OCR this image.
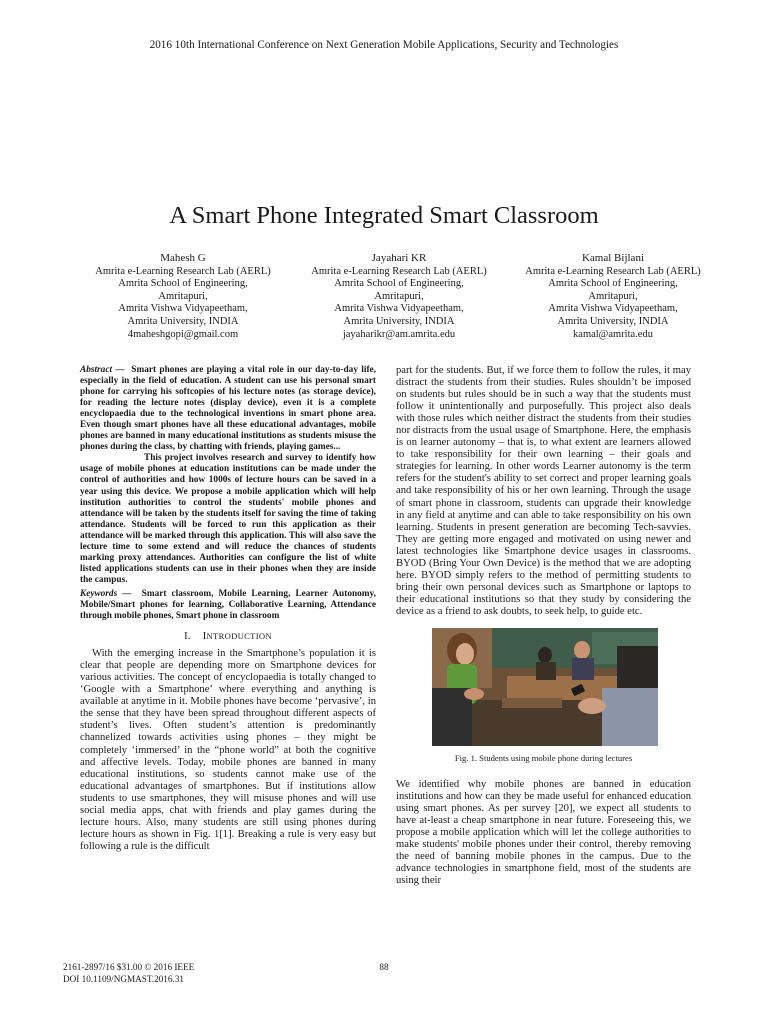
2016 10th International Conference on Next Generation Mobile Applications, Security and Technologies
A Smart Phone Integrated Smart Classroom
Mahesh G
Amrita e-Learning Research Lab (AERL)
Amrita School of Engineering,
Amritapuri,
Amrita Vishwa Vidyapeetham,
Amrita University, INDIA
4maheshgopi@gmail.com
Jayahari KR
Amrita e-Learning Research Lab (AERL)
Amrita School of Engineering,
Amritapuri,
Amrita Vishwa Vidyapeetham,
Amrita University, INDIA
jayaharikr@am.amrita.edu
Kamal Bijlani
Amrita e-Learning Research Lab (AERL)
Amrita School of Engineering,
Amritapuri,
Amrita Vishwa Vidyapeetham,
Amrita University, INDIA
kamal@amrita.edu

Abstract — Smart phones are playing a vital role in our day-to-day life, especially in the field of education. A student can use his personal smart phone for carrying his softcopies of his lecture notes (as storage device), for reading the lecture notes (display device), even it is a complete encyclopaedia due to the technological inventions in smart phone area. Even though smart phones have all these educational advantages, mobile phones are banned in many educational institutions as students misuse the phones during the class, by chatting with friends, playing games...

This project involves research and survey to identify how usage of mobile phones at education institutions can be made under the control of authorities and how 1000s of lecture hours can be saved in a year using this device. We propose a mobile application which will help institution authorities to control the students' mobile phones and attendance will be taken by the students itself for saving the time of taking attendance. Students will be forced to run this application as their attendance will be marked through this application. This will also save the lecture time to some extend and will reduce the chances of students marking proxy attendances. Authorities can configure the list of white listed applications students can use in their phones when they are inside the campus.

Keywords — Smart classroom, Mobile Learning, Learner Autonomy, Mobile/Smart phones for learning, Collaborative Learning, Attendance through mobile phones, Smart phone in classroom

I. INTRODUCTION

With the emerging increase in the Smartphone’s population it is clear that people are depending more on Smartphone devices for various activities. The concept of encyclopaedia is totally changed to ‘Google with a Smartphone’ where everything and anything is available at anytime in it. Mobile phones have become ‘pervasive’, in the sense that they have been spread throughout different aspects of student’s lives. Often student’s attention is predominantly channelized towards activities using phones – they might be completely ‘immersed’ in the “phone world” at both the cognitive and affective levels. Today, mobile phones are banned in many educational institutions, so students cannot make use of the educational advantages of smartphones. But if institutions allow students to use smartphones, they will misuse phones and will use social media apps, chat with friends and play games during the lecture hours. Also, many students are still using phones during lecture hours as shown in Fig. 1[1]. Breaking a rule is very easy but following a rule is the difficult

part for the students. But, if we force them to follow the rules, it may distract the students from their studies. Rules shouldn’t be imposed on students but rules should be in such a way that the students must follow it unintentionally and purposefully. This project also deals with those rules which neither distract the students from their studies nor distracts from the usual usage of Smartphone. Here, the emphasis is on learner autonomy – that is, to what extent are learners allowed to take responsibility for their own learning – their goals and strategies for learning. In other words Learner autonomy is the term refers for the student's ability to set correct and proper learning goals and take responsibility of his or her own learning. Through the usage of smart phone in classroom, students can upgrade their knowledge in any field at anytime and can able to take responsibility on his own learning. Students in present generation are becoming Tech-savvies. They are getting more engaged and motivated on using newer and latest technologies like Smartphone device usages in classrooms. BYOD (Bring Your Own Device) is the method that we are adopting here. BYOD simply refers to the method of permitting students to bring their own personal devices such as Smartphone or laptops to their educational institutions so that they study by considering the device as a friend to ask doubts, to seek help, to guide etc.

Fig. 1. Students using mobile phone during lectures

We identified why mobile phones are banned in education institutions and how can they be made useful for enhanced education using smart phones. As per survey [20], we expect all students to have at-least a cheap smartphone in near future. Foreseeing this, we propose a mobile application which will let the college authorities to make students' mobile phones under their control, thereby removing the need of banning mobile phones in the campus. Due to the advance technologies in smartphone field, most of the students are using their

2161-2897/16 $31.00 © 2016 IEEE
DOI 10.1109/NGMAST.2016.31
88
